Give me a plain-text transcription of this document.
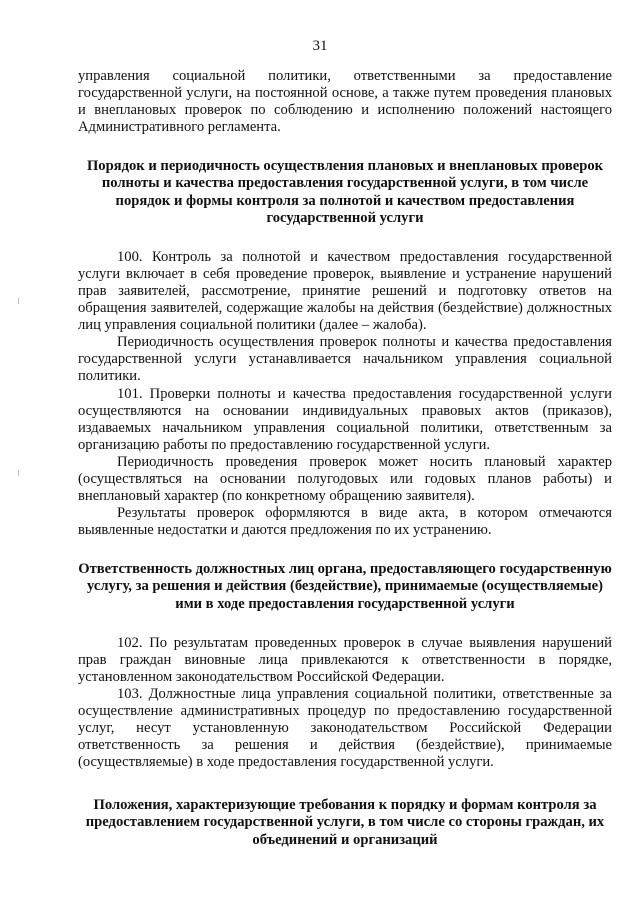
31

управления социальной политики, ответственными за предоставление государственной услуги, на постоянной основе, а также путем проведения плановых и внеплановых проверок по соблюдению и исполнению положений настоящего Административного регламента.

Порядок и периодичность осуществления плановых и внеплановых проверок полноты и качества предоставления государственной услуги, в том числе порядок и формы контроля за полнотой и качеством предоставления государственной услуги

100. Контроль за полнотой и качеством предоставления государственной услуги включает в себя проведение проверок, выявление и устранение нарушений прав заявителей, рассмотрение, принятие решений и подготовку ответов на обращения заявителей, содержащие жалобы на действия (бездействие) должностных лиц управления социальной политики (далее – жалоба).

Периодичность осуществления проверок полноты и качества предоставления государственной услуги устанавливается начальником управления социальной политики.

101. Проверки полноты и качества предоставления государственной услуги осуществляются на основании индивидуальных правовых актов (приказов), издаваемых начальником управления социальной политики, ответственным за организацию работы по предоставлению государственной услуги.

Периодичность проведения проверок может носить плановый характер (осуществляться на основании полугодовых или годовых планов работы) и внеплановый характер (по конкретному обращению заявителя).

Результаты проверок оформляются в виде акта, в котором отмечаются выявленные недостатки и даются предложения по их устранению.

Ответственность должностных лиц органа, предоставляющего государственную услугу, за решения и действия (бездействие), принимаемые (осуществляемые) ими в ходе предоставления государственной услуги

102. По результатам проведенных проверок в случае выявления нарушений прав граждан виновные лица привлекаются к ответственности в порядке, установленном законодательством Российской Федерации.

103. Должностные лица управления социальной политики, ответственные за осуществление административных процедур по предоставлению государственной услуг, несут установленную законодательством Российской Федерации ответственность за решения и действия (бездействие), принимаемые (осуществляемые) в ходе предоставления государственной услуги.

Положения, характеризующие требования к порядку и формам контроля за предоставлением государственной услуги, в том числе со стороны граждан, их объединений и организаций
